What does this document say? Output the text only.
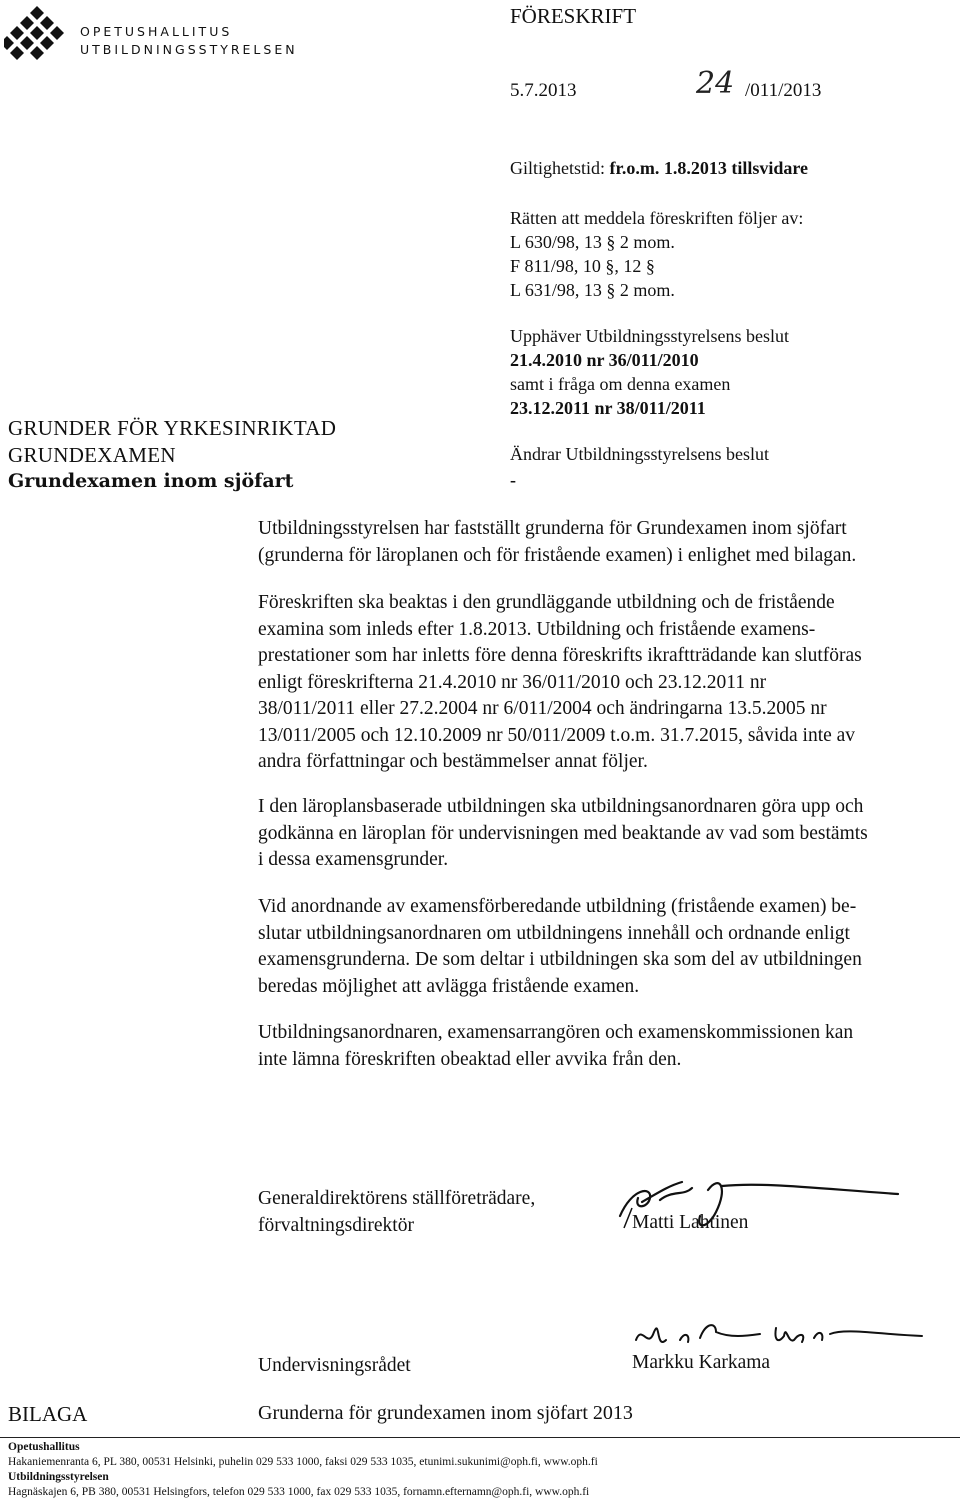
OPETUSHALLITUS
UTBILDNINGSSTYRELSEN
FÖRESKRIFT
5.7.2013	24 /011/2013
Giltighetstid: fr.o.m. 1.8.2013 tillsvidare
Rätten att meddela föreskriften följer av:
L 630/98, 13 § 2 mom.
F 811/98, 10 §, 12 §
L 631/98, 13 § 2 mom.
Upphäver Utbildningsstyrelsens beslut
21.4.2010 nr 36/011/2010
samt i fråga om denna examen
23.12.2011 nr 38/011/2011
Ändrar Utbildningsstyrelsens beslut
-
GRUNDER FÖR YRKESINRIKTAD
GRUNDEXAMEN
Grundexamen inom sjöfart
Utbildningsstyrelsen har fastställt grunderna för Grundexamen inom sjöfart
(grunderna för läroplanen och för fristående examen) i enlighet med bilagan.
Föreskriften ska beaktas i den grundläggande utbildning och de fristående
examina som inleds efter 1.8.2013. Utbildning och fristående examens-
prestationer som har inletts före denna föreskrifts ikraftträdande kan slutföras
enligt föreskrifterna 21.4.2010 nr 36/011/2010 och 23.12.2011 nr
38/011/2011 eller 27.2.2004 nr 6/011/2004 och ändringarna 13.5.2005 nr
13/011/2005 och 12.10.2009 nr 50/011/2009 t.o.m. 31.7.2015, såvida inte av
andra författningar och bestämmelser annat följer.
I den läroplansbaserade utbildningen ska utbildningsanordnaren göra upp och
godkänna en läroplan för undervisningen med beaktande av vad som bestämts
i dessa examensgrunder.
Vid anordnande av examensförberedande utbildning (fristående examen) be-
slutar utbildningsanordnaren om utbildningens innehåll och ordnande enligt
examensgrunderna. De som deltar i utbildningen ska som del av utbildningen
beredas möjlighet att avlägga fristående examen.
Utbildningsanordnaren, examensarrangören och examenskommissionen kan
inte lämna föreskriften obeaktad eller avvika från den.
Generaldirektörens ställföreträdare,
förvaltningsdirektör	Matti Lahtinen
Undervisningsrådet	Markku Karkama
BILAGA	Grunderna för grundexamen inom sjöfart 2013
Opetushallitus
Hakaniemenranta 6, PL 380, 00531 Helsinki, puhelin 029 533 1000, faksi 029 533 1035, etunimi.sukunimi@oph.fi, www.oph.fi
Utbildningsstyrelsen
Hagnäskajen 6, PB 380, 00531 Helsingfors, telefon 029 533 1000, fax 029 533 1035, fornamn.efternamn@oph.fi, www.oph.fi
